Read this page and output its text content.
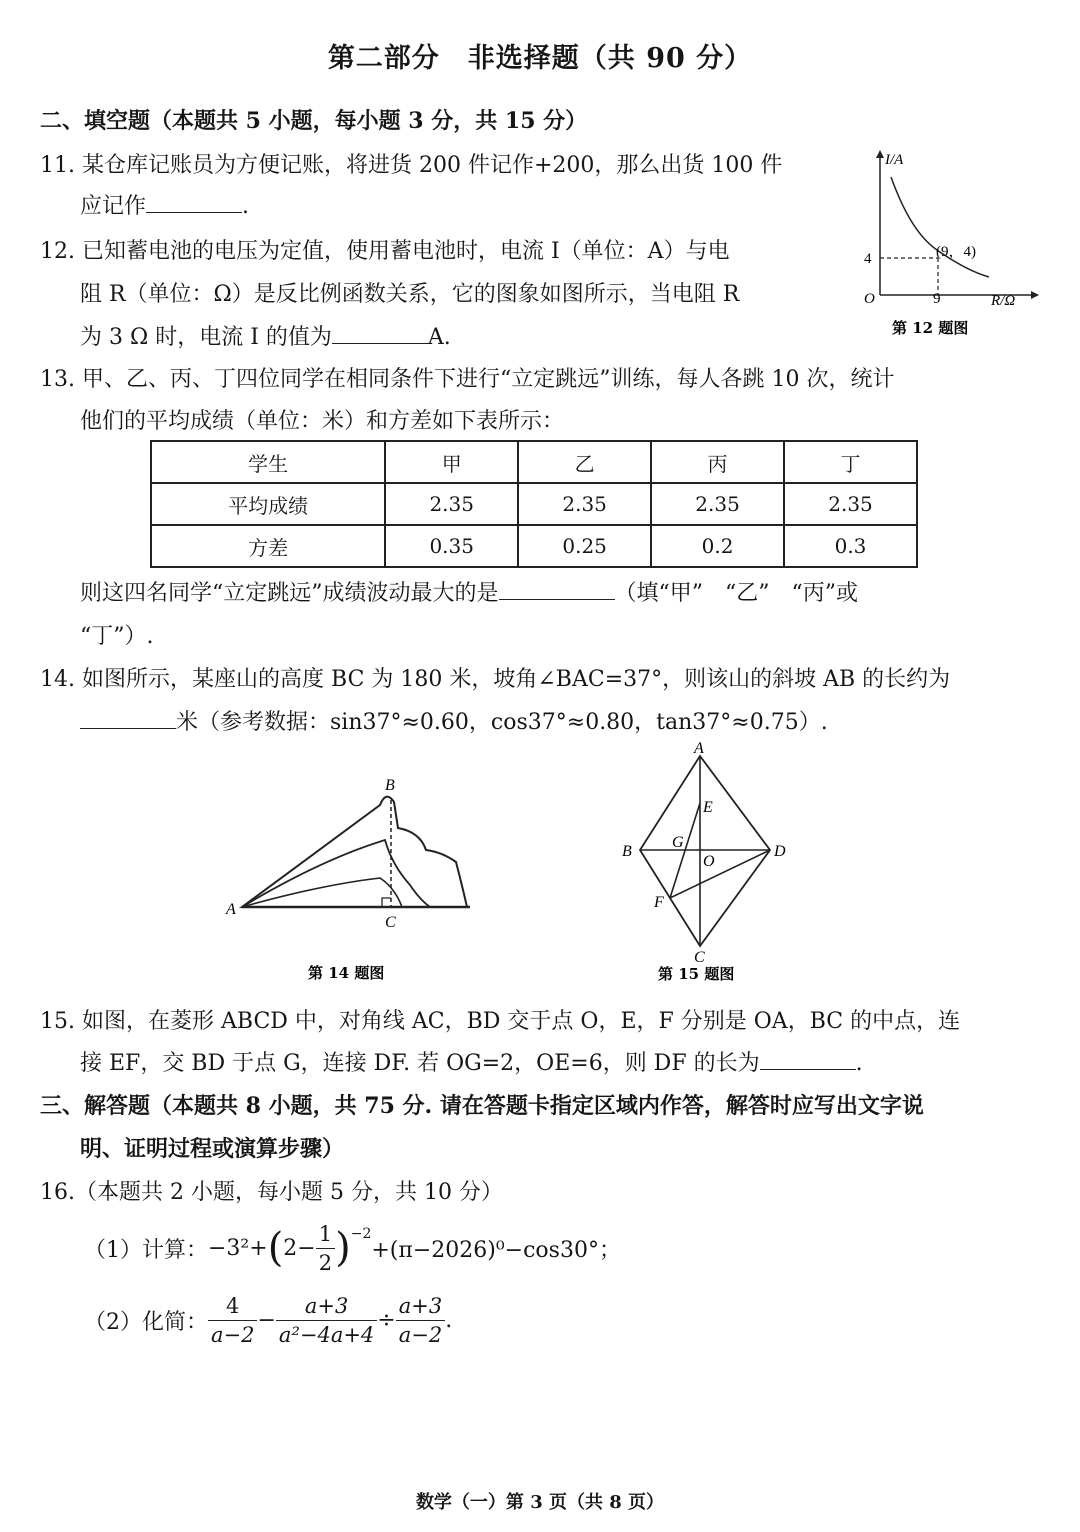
第二部分　非选择题（共 90 分）
二、填空题（本题共 5 小题，每小题 3 分，共 15 分）
11. 某仓库记账员为方便记账，将进货 200 件记作+200，那么出货 100 件
应记作	.
12. 已知蓄电池的电压为定值，使用蓄电池时，电流 I（单位：A）与电
阻 R（单位：Ω）是反比例函数关系，它的图象如图所示，当电阻 R
为 3 Ω 时，电流 I 的值为	A.
I/A
R/Ω
O
4
9
(9，4)
第 12 题图
13. 甲、乙、丙、丁四位同学在相同条件下进行“立定跳远”训练，每人各跳 10 次，统计
他们的平均成绩（单位：米）和方差如下表所示：
学生	甲	乙	丙	丁
平均成绩	2.35	2.35	2.35	2.35
方差	0.35	0.25	0.2	0.3
则这四名同学“立定跳远”成绩波动最大的是	（填“甲”　“乙”　“丙”或
“丁”）.
14. 如图所示，某座山的高度 BC 为 180 米，坡角∠BAC=37°，则该山的斜坡 AB 的长约为
米（参考数据：sin37°≈0.60，cos37°≈0.80，tan37°≈0.75）.
A
B
C
第 14 题图
A
B
C
D
E
F
G
O
第 15 题图
15. 如图，在菱形 ABCD 中，对角线 AC，BD 交于点 O，E，F 分别是 OA，BC 的中点，连
接 EF，交 BD 于点 G，连接 DF. 若 OG=2，OE=6，则 DF 的长为	.
三、解答题（本题共 8 小题，共 75 分. 请在答题卡指定区域内作答，解答时应写出文字说
明、证明过程或演算步骤）
16.（本题共 2 小题，每小题 5 分，共 10 分）
（1）计算： −3²+ ( $2- \frac{1}{2} )^{-2}$
+(π−2026)⁰−cos30°；
（2）化简： $\frac{4}{a-2} - \frac{a+3}{\text{a²−4a+4}} \div \frac{a+3}{a-2}$ .
数学（一）第 3 页（共 8 页）
